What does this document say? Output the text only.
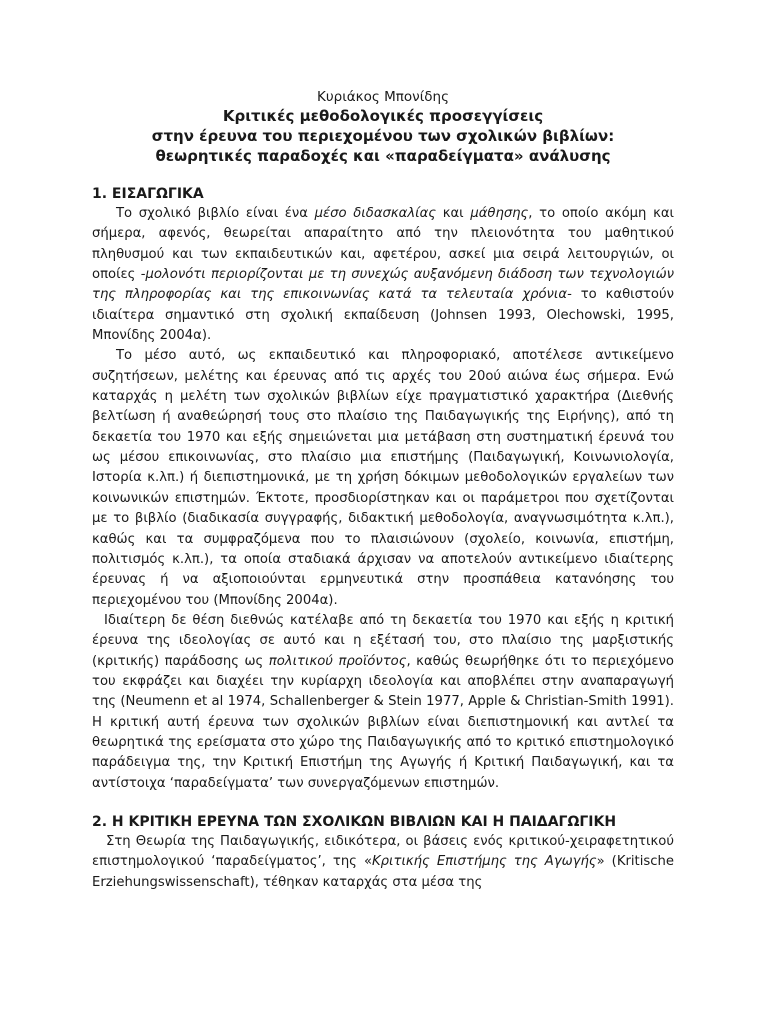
Κυριάκος Μπονίδης

Κριτικές μεθοδολογικές προσεγγίσεις
στην έρευνα του περιεχομένου των σχολικών βιβλίων:
θεωρητικές παραδοχές και «παραδείγματα» ανάλυσης
1. ΕΙΣΑΓΩΓΙΚΑ

Το σχολικό βιβλίο είναι ένα μέσο διδασκαλίας και μάθησης, το οποίο ακόμη και σήμερα, αφενός, θεωρείται απαραίτητο από την πλειονότητα του μαθητικού πληθυσμού και των εκπαιδευτικών και, αφετέρου, ασκεί μια σειρά λειτουργιών, οι οποίες -μολονότι περιορίζονται με τη συνεχώς αυξανόμενη διάδοση των τεχνολογιών της πληροφορίας και της επικοινωνίας κατά τα τελευταία χρόνια- το καθιστούν ιδιαίτερα σημαντικό στη σχολική εκπαίδευση (Johnsen 1993, Olechowski, 1995, Μπονίδης 2004α).

Το μέσο αυτό, ως εκπαιδευτικό και πληροφοριακό, αποτέλεσε αντικείμενο συζητήσεων, μελέτης και έρευνας από τις αρχές του 20ού αιώνα έως σήμερα. Ενώ καταρχάς η μελέτη των σχολικών βιβλίων είχε πραγματιστικό χαρακτήρα (Διεθνής βελτίωση ή αναθεώρησή τους στο πλαίσιο της Παιδαγωγικής της Ειρήνης), από τη δεκαετία του 1970 και εξής σημειώνεται μια μετάβαση στη συστηματική έρευνά του ως μέσου επικοινωνίας, στο πλαίσιο μια επιστήμης (Παιδαγωγική, Κοινωνιολογία, Ιστορία κ.λπ.) ή διεπιστημονικά, με τη χρήση δόκιμων μεθοδολογικών εργαλείων των κοινωνικών επιστημών. Έκτοτε, προσδιορίστηκαν και οι παράμετροι που σχετίζονται με το βιβλίο (διαδικασία συγγραφής, διδακτική μεθοδολογία, αναγνωσιμότητα κ.λπ.), καθώς και τα συμφραζόμενα που το πλαισιώνουν (σχολείο, κοινωνία, επιστήμη, πολιτισμός κ.λπ.), τα οποία σταδιακά άρχισαν να αποτελούν αντικείμενο ιδιαίτερης έρευνας ή να αξιοποιούνται ερμηνευτικά στην προσπάθεια κατανόησης του περιεχομένου του (Μπονίδης 2004α).

Ιδιαίτερη δε θέση διεθνώς κατέλαβε από τη δεκαετία του 1970 και εξής η κριτική έρευνα της ιδεολογίας σε αυτό και η εξέτασή του, στο πλαίσιο της μαρξιστικής (κριτικής) παράδοσης ως πολιτικού προϊόντος, καθώς θεωρήθηκε ότι το περιεχόμενο του εκφράζει και διαχέει την κυρίαρχη ιδεολογία και αποβλέπει στην αναπαραγωγή της (Neumenn et al 1974, Schallenberger & Stein 1977, Apple & Christian-Smith 1991). Η κριτική αυτή έρευνα των σχολικών βιβλίων είναι διεπιστημονική και αντλεί τα θεωρητικά της ερείσματα στο χώρο της Παιδαγωγικής από το κριτικό επιστημολογικό παράδειγμα της, την Κριτική Επιστήμη της Αγωγής ή Κριτική Παιδαγωγική, και τα αντίστοιχα ‘παραδείγματα’ των συνεργαζόμενων επιστημών.

2. Η ΚΡΙΤΙΚΗ ΕΡΕΥΝΑ ΤΩΝ ΣΧΟΛΙΚΩΝ ΒΙΒΛΙΩΝ ΚΑΙ Η ΠΑΙΔΑΓΩΓΙΚΗ

Στη Θεωρία της Παιδαγωγικής, ειδικότερα, οι βάσεις ενός κριτικού-χειραφετητικού επιστημολογικού ‘παραδείγματος’, της «Κριτικής Επιστήμης της Αγωγής» (Kritische Erziehungswissenschaft), τέθηκαν καταρχάς στα μέσα της
